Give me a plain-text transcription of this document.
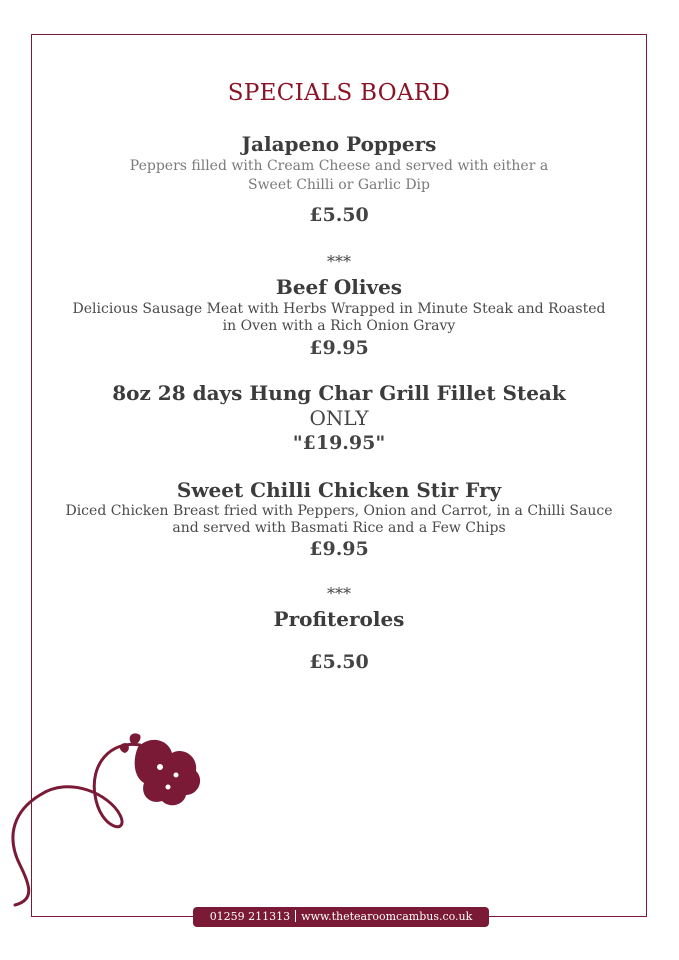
SPECIALS BOARD
Jalapeno Poppers
Peppers filled with Cream Cheese and served with either a Sweet Chilli or Garlic Dip
£5.50
***
Beef Olives
Delicious Sausage Meat with Herbs Wrapped in Minute Steak and Roasted in Oven with a Rich Onion Gravy
£9.95
8oz 28 days Hung Char Grill Fillet Steak
ONLY
"£19.95"
Sweet Chilli Chicken Stir Fry
Diced Chicken Breast fried with Peppers, Onion and Carrot, in a Chilli Sauce and served with Basmati Rice and a Few Chips
£9.95
***
Profiteroles
£5.50
01259 211313 www.thetearoomcambus.co.uk
